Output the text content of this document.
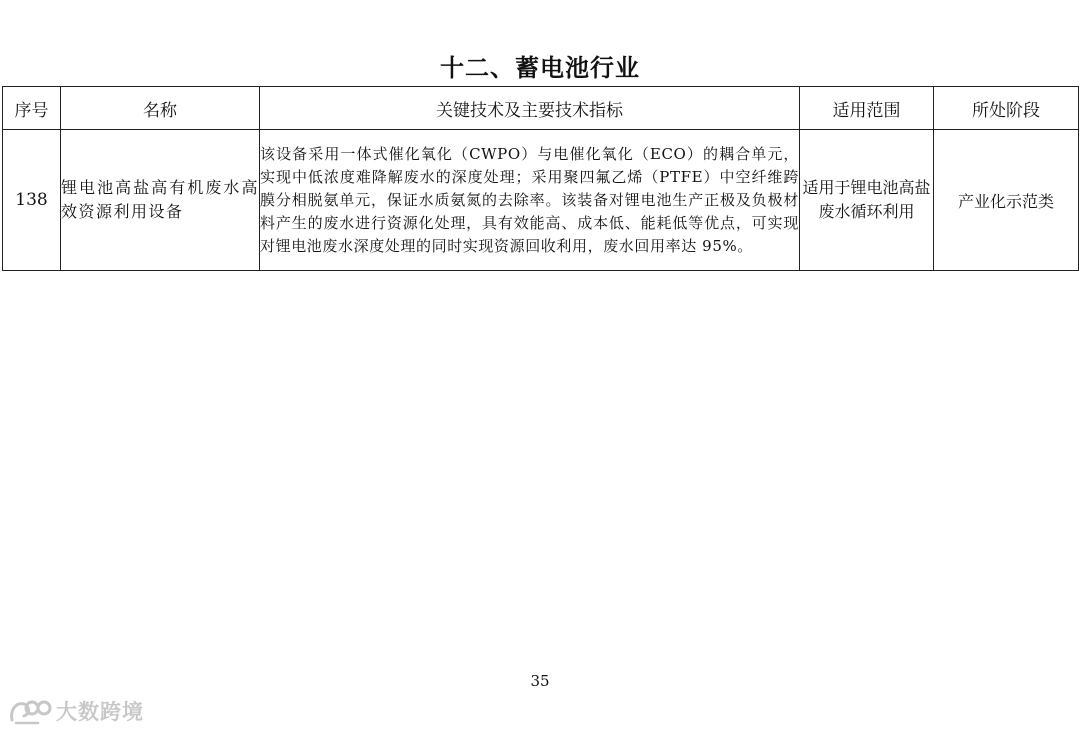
十二、蓄电池行业
序号	名称	关键技术及主要技术指标	适用范围	所处阶段
138	锂电池高盐高有机废水高效资源利用设备	该设备采用一体式催化氧化（CWPO）与电催化氧化（ECO）的耦合单元，实现中低浓度难降解废水的深度处理；采用聚四氟乙烯（PTFE）中空纤维跨膜分相脱氨单元，保证水质氨氮的去除率。该装备对锂电池生产正极及负极材料产生的废水进行资源化处理，具有效能高、成本低、能耗低等优点，可实现对锂电池废水深度处理的同时实现资源回收利用，废水回用率达 95%。	适用于锂电池高盐废水循环利用	产业化示范类
35
大数跨境
